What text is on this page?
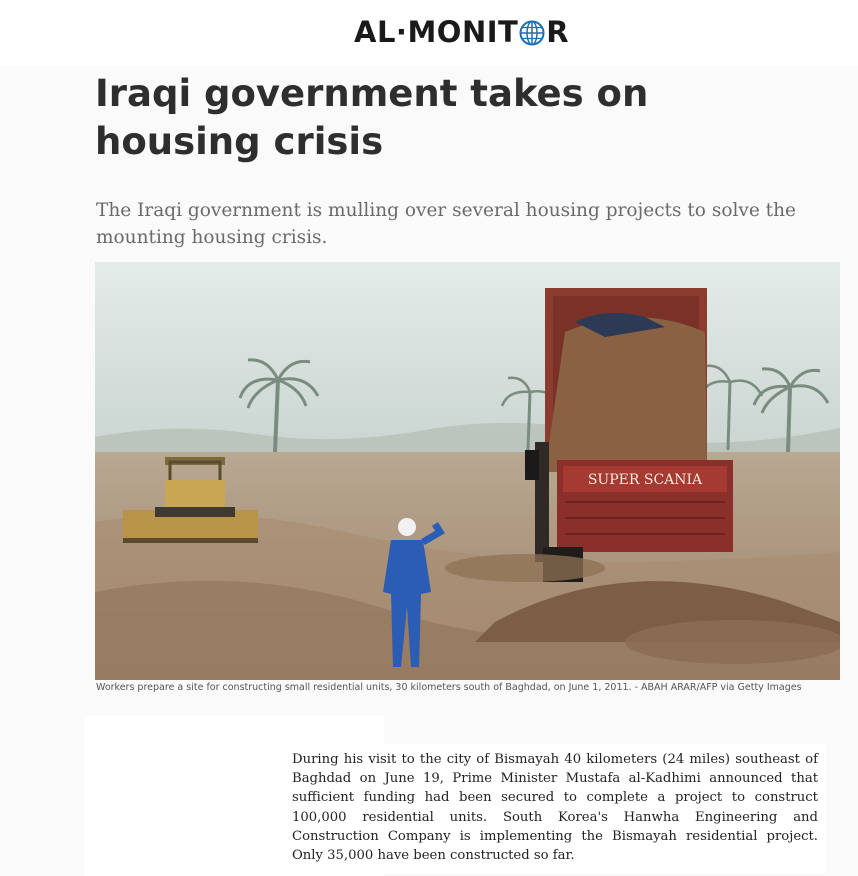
AL·MONIT R
Iraqi government takes on housing crisis

The Iraqi government is mulling over several housing projects to solve the mounting housing crisis.

SUPER SCANIA
Workers prepare a site for constructing small residential units, 30 kilometers south of Baghdad, on June 1, 2011. - ABAH ARAR/AFP via Getty Images

During his visit to the city of Bismayah 40 kilometers (24 miles) southeast of Baghdad on June 19, Prime Minister Mustafa al-Kadhimi announced that sufficient funding had been secured to complete a project to construct 100,000 residential units. South Korea's Hanwha Engineering and Construction Company is implementing the Bismayah residential project. Only 35,000 have been constructed so far.
